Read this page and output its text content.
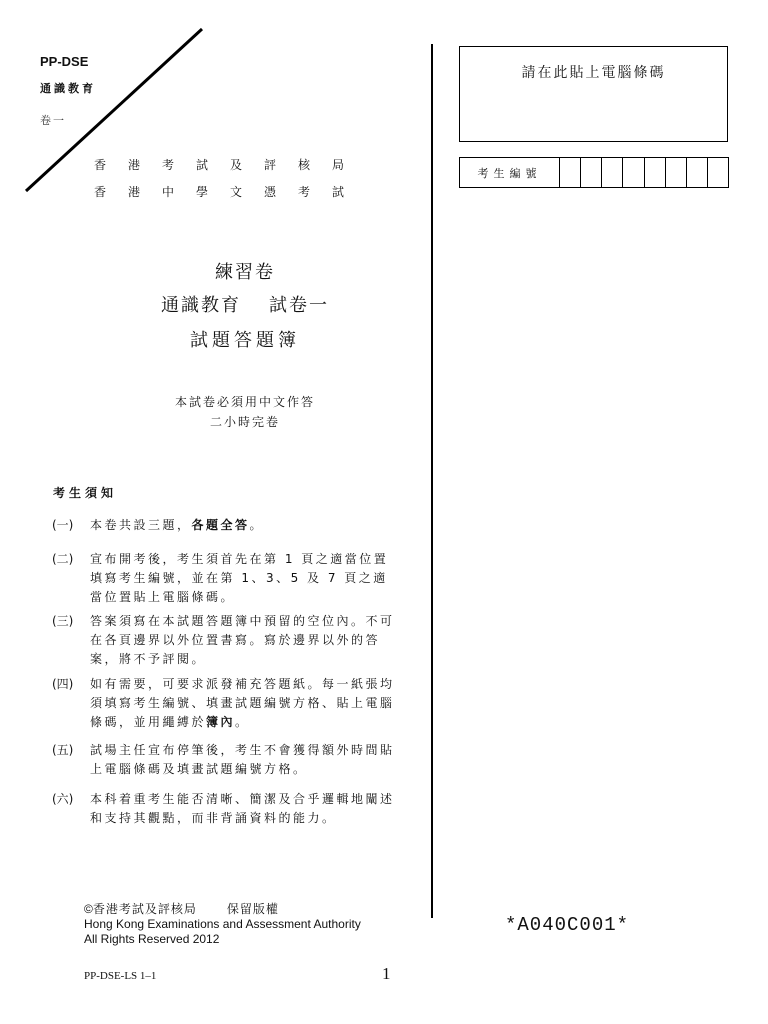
PP-DSE
通識教育
卷一
香港考試及評核局
香港中學文憑考試
練習卷
通識教育 試卷一
試題答題簿
本試卷必須用中文作答
二小時完卷
考生須知
(一)	本卷共設三題，各題全答。
(二)	宣布開考後，考生須首先在第 1 頁之適當位置填寫考生編號，並在第 1、3、5 及 7 頁之適當位置貼上電腦條碼。
(三)	答案須寫在本試題答題簿中預留的空位內。不可在各頁邊界以外位置書寫。寫於邊界以外的答案，將不予評閱。
(四)	如有需要，可要求派發補充答題紙。每一紙張均須填寫考生編號、填畫試題編號方格、貼上電腦條碼，並用繩縛於簿內。
(五)	試場主任宣布停筆後，考生不會獲得額外時間貼上電腦條碼及填畫試題編號方格。
(六)	本科着重考生能否清晰、簡潔及合乎邏輯地闡述和支持其觀點，而非背誦資料的能力。
請在此貼上電腦條碼
考生編號
©香港考試及評核局	保留版權
Hong Kong Examinations and Assessment Authority
All Rights Reserved 2012
*A040C001*
PP-DSE-LS 1–1	1
